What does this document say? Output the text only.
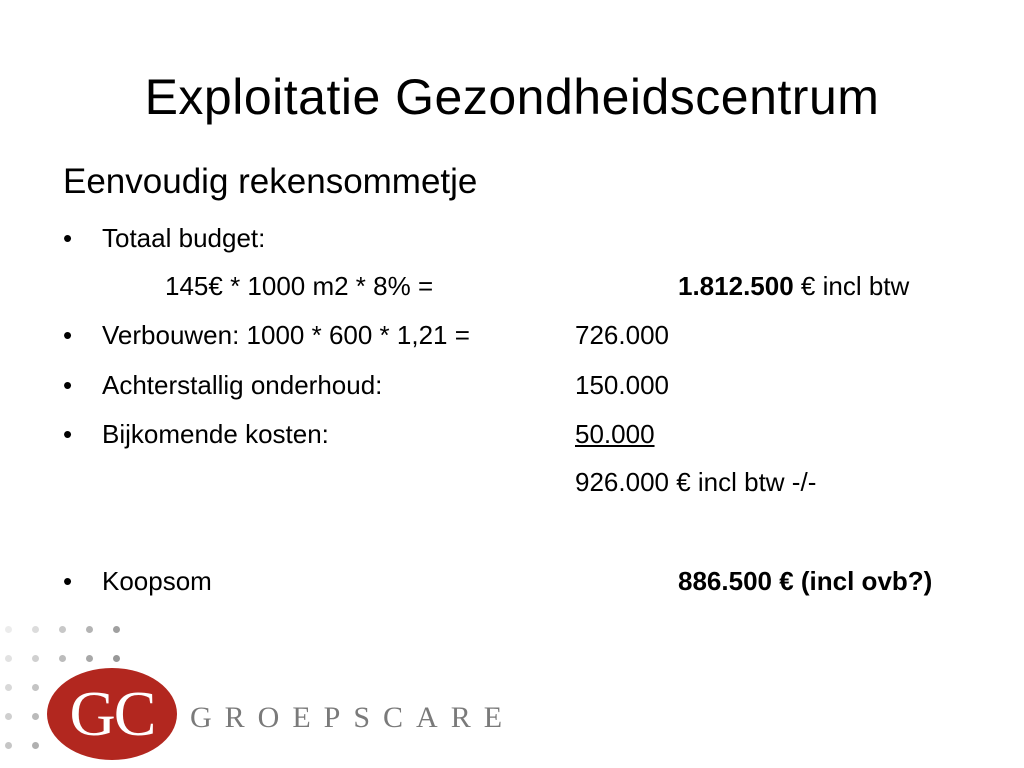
Exploitatie Gezondheidscentrum
Eenvoudig rekensommetje
• Totaal budget:
145€ * 1000 m2 * 8% =	1.812.500 € incl btw
• Verbouwen: 1000 * 600 * 1,21 =	726.000
• Achterstallig onderhoud:	150.000
• Bijkomende kosten:	50.000
926.000 € incl btw -/-
• Koopsom	886.500 € (incl ovb?)
GC	GROEPSCARE
